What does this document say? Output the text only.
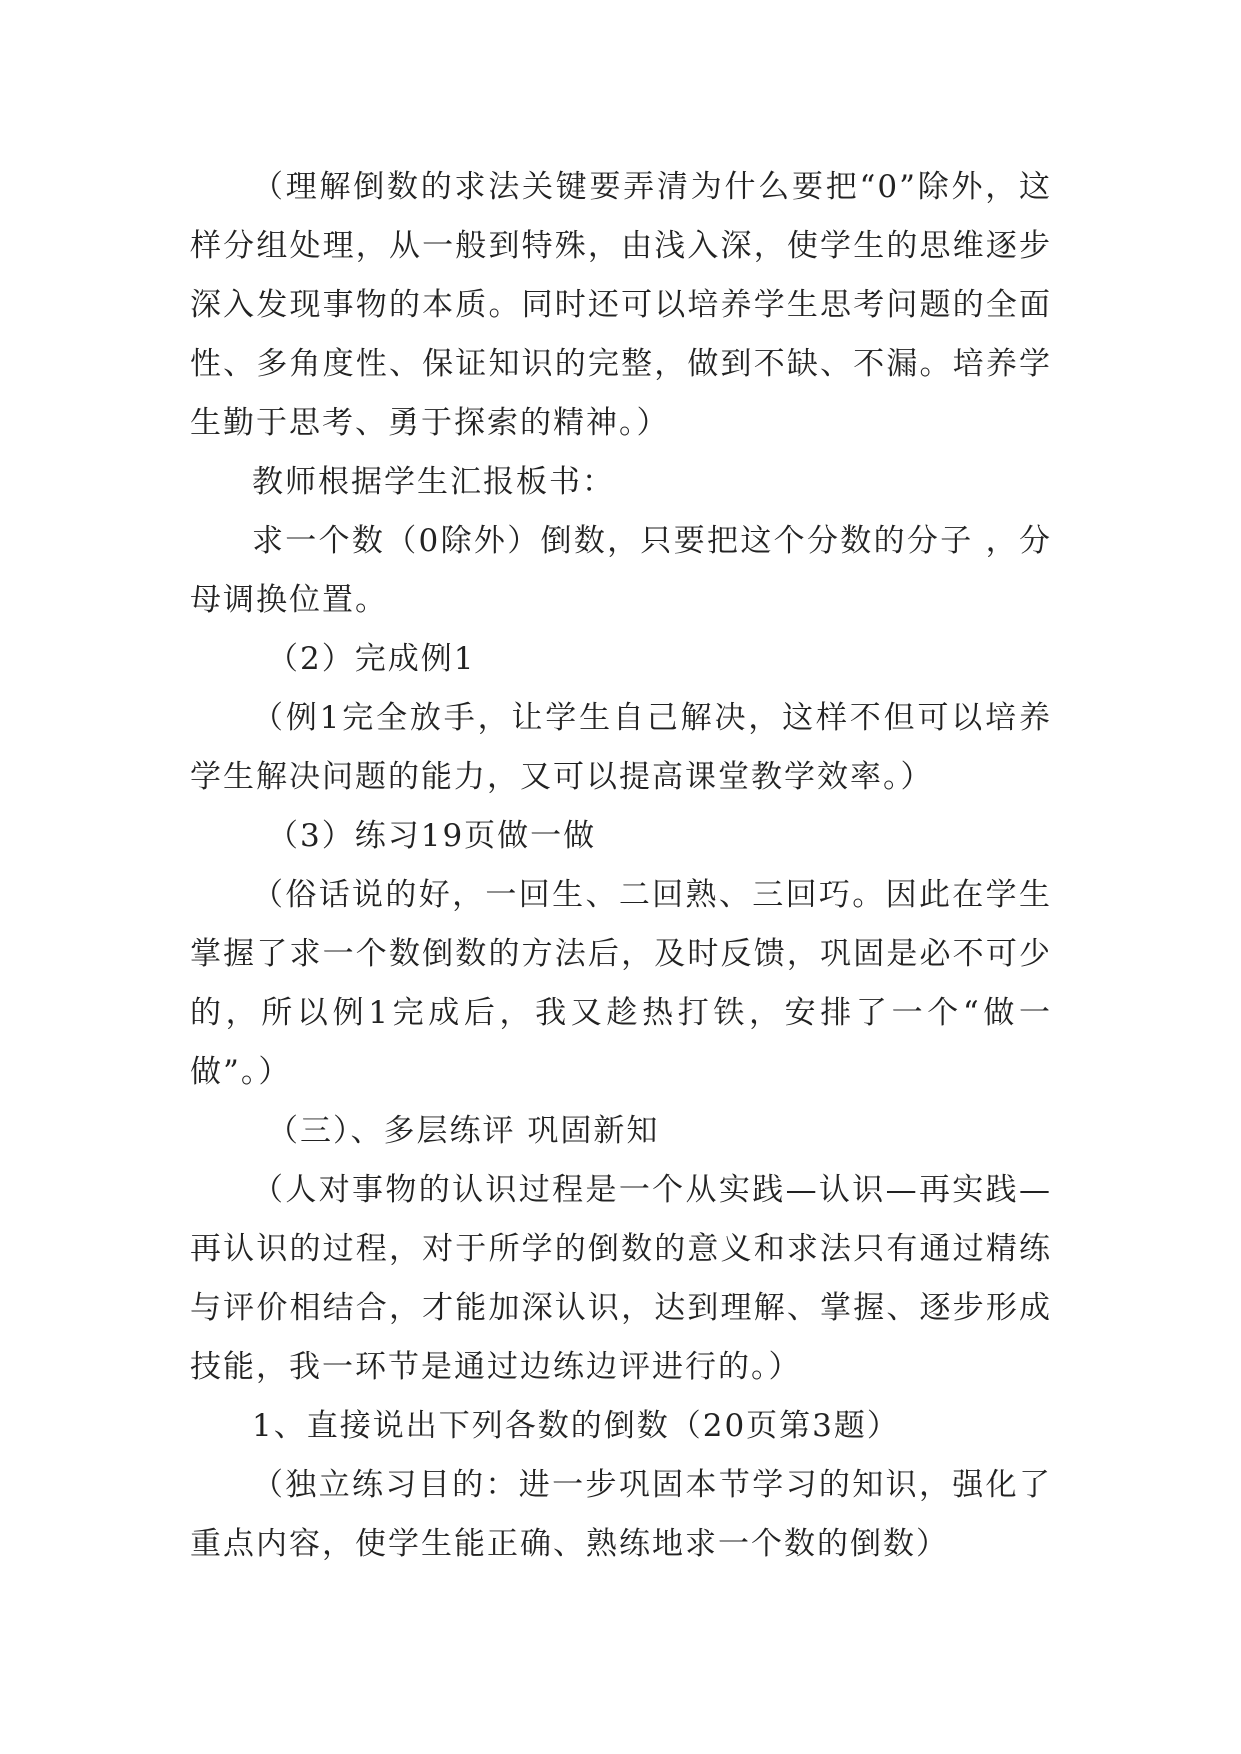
（理解倒数的求法关键要弄清为什么要把“0”除外，这样分组处理，从一般到特殊，由浅入深，使学生的思维逐步深入发现事物的本质。同时还可以培养学生思考问题的全面性、多角度性、保证知识的完整，做到不缺、不漏。培养学生勤于思考、勇于探索的精神。）

教师根据学生汇报板书：

求一个数（0除外）倒数，只要把这个分数的分子 ，分母调换位置。

（2）完成例1

（例1完全放手，让学生自己解决，这样不但可以培养学生解决问题的能力，又可以提高课堂教学效率。）

（3）练习19页做一做

（俗话说的好，一回生、二回熟、三回巧。因此在学生掌握了求一个数倒数的方法后，及时反馈，巩固是必不可少的，所以例1完成后，我又趁热打铁，安排了一个“做一做”。）

（三）、多层练评 巩固新知

（人对事物的认识过程是一个从实践—认识—再实践—再认识的过程，对于所学的倒数的意义和求法只有通过精练与评价相结合，才能加深认识，达到理解、掌握、逐步形成技能，我一环节是通过边练边评进行的。）

1、直接说出下列各数的倒数（20页第3题）

（独立练习目的：进一步巩固本节学习的知识，强化了重点内容，使学生能正确、熟练地求一个数的倒数）
